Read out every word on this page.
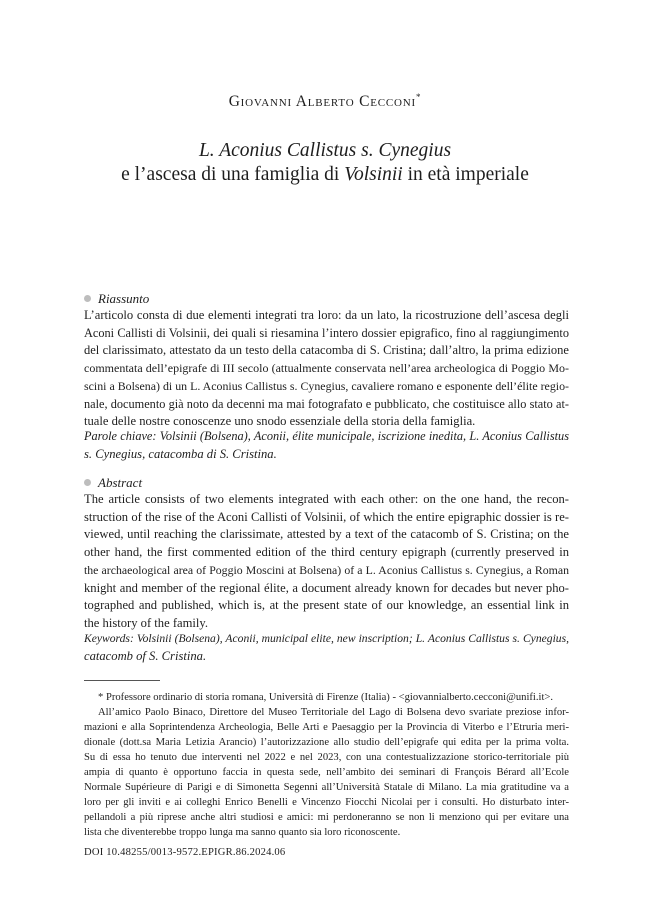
Giovanni Alberto Cecconi*
L. Aconius Callistus s. Cynegius
e l’ascesa di una famiglia di Volsinii in età imperiale
Riassunto
L’articolo consta di due elementi integrati tra loro: da un lato, la ricostruzione dell’ascesa degli
Aconi Callisti di Volsinii, dei quali si riesamina l’intero dossier epigrafico, fino al raggiungimento
del clarissimato, attestato da un testo della catacomba di S. Cristina; dall’altro, la prima edizione
commentata dell’epigrafe di III secolo (attualmente conservata nell’area archeologica di Poggio Mo-
scini a Bolsena) di un L. Aconius Callistus s. Cynegius, cavaliere romano e esponente dell’élite regio-
nale, documento già noto da decenni ma mai fotografato e pubblicato, che costituisce allo stato at-
tuale delle nostre conoscenze uno snodo essenziale della storia della famiglia.
Parole chiave: Volsinii (Bolsena), Aconii, élite municipale, iscrizione inedita, L. Aconius Callistus
s. Cynegius, catacomba di S. Cristina.
Abstract
The article consists of two elements integrated with each other: on the one hand, the recon-
struction of the rise of the Aconi Callisti of Volsinii, of which the entire epigraphic dossier is re-
viewed, until reaching the clarissimate, attested by a text of the catacomb of S. Cristina; on the
other hand, the first commented edition of the third century epigraph (currently preserved in
the archaeological area of Poggio Moscini at Bolsena) of a L. Aconius Callistus s. Cynegius, a Roman
knight and member of the regional élite, a document already known for decades but never pho-
tographed and published, which is, at the present state of our knowledge, an essential link in
the history of the family.
Keywords: Volsinii (Bolsena), Aconii, municipal elite, new inscription; L. Aconius Callistus s. Cynegius,
catacomb of S. Cristina.
* Professore ordinario di storia romana, Università di Firenze (Italia) - <giovannialberto.cecconi@unifi.it>.
All’amico Paolo Binaco, Direttore del Museo Territoriale del Lago di Bolsena devo svariate preziose infor-
mazioni e alla Soprintendenza Archeologia, Belle Arti e Paesaggio per la Provincia di Viterbo e l’Etruria meri-
dionale (dott.sa Maria Letizia Arancio) l’autorizzazione allo studio dell’epigrafe qui edita per la prima volta.
Su di essa ho tenuto due interventi nel 2022 e nel 2023, con una contestualizzazione storico-territoriale più
ampia di quanto è opportuno faccia in questa sede, nell’ambito dei seminari di François Bérard all’Ecole
Normale Supérieure di Parigi e di Simonetta Segenni all’Università Statale di Milano. La mia gratitudine va a
loro per gli inviti e ai colleghi Enrico Benelli e Vincenzo Fiocchi Nicolai per i consulti. Ho disturbato inter-
pellandoli a più riprese anche altri studiosi e amici: mi perdoneranno se non li menziono qui per evitare una
lista che diventerebbe troppo lunga ma sanno quanto sia loro riconoscente.
DOI 10.48255/0013-9572.EPIGR.86.2024.06
